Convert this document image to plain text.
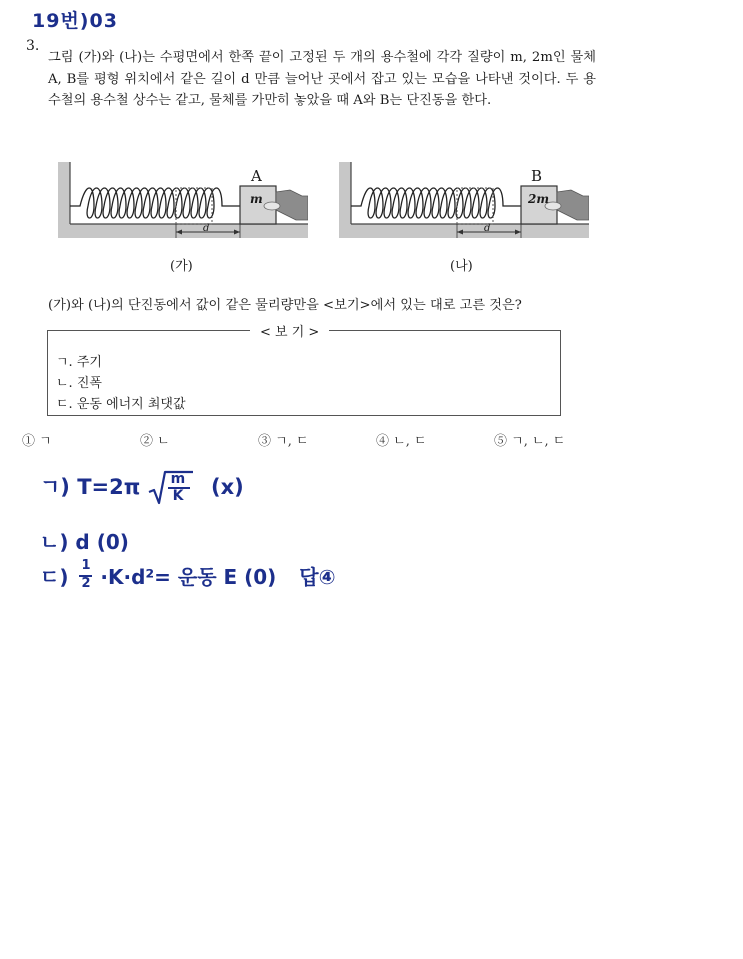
19번)03
3.
그림 (가)와 (나)는 수평면에서 한쪽 끝이 고정된 두 개의 용수철에 각각 질량이 m, 2m인 물체 A, B를 평형 위치에서 같은 길이 d 만큼 늘어난 곳에서 잡고 있는 모습을 나타낸 것이다. 두 용수철의 용수철 상수는 같고, 물체를 가만히 놓았을 때 A와 B는 단진동을 한다.
A
m
d
(가)
B
2m
d
(나)
(가)와 (나)의 단진동에서 값이 같은 물리량만을 <보기>에서 있는 대로 고른 것은?
< 보 기 >
ㄱ. 주기
ㄴ. 진폭
ㄷ. 운동 에너지 최댓값
① ㄱ	② ㄴ	③ ㄱ, ㄷ	④ ㄴ, ㄷ	⑤ ㄱ, ㄴ, ㄷ
ㄱ) T=2π m
K (x)
ㄴ) d (0)
ㄷ) $\frac{1}{2} \cdot K\cdot d^2=$ 운동 E (0) 답④
